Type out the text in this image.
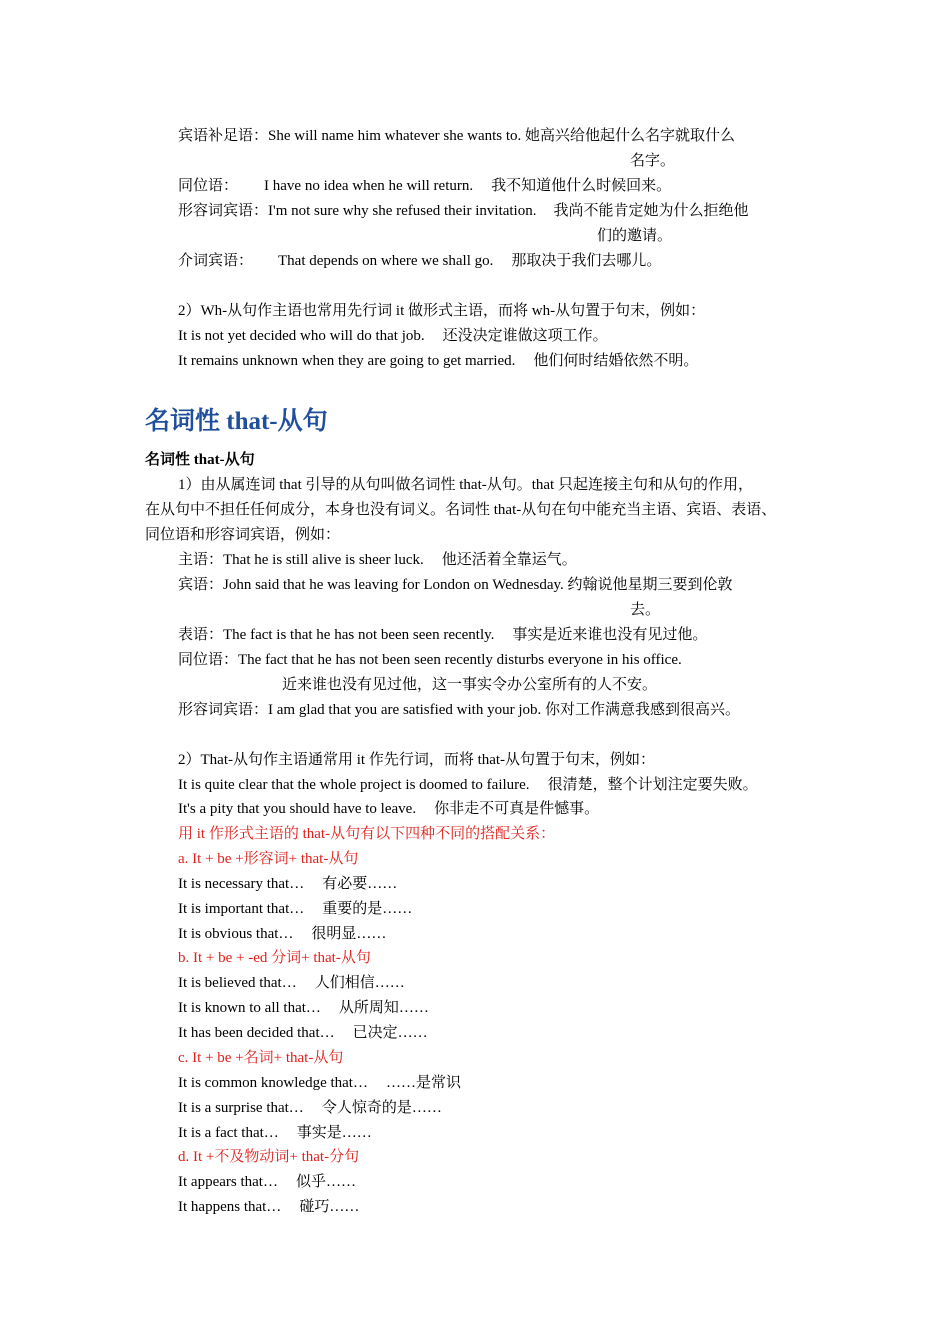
宾语补足语：She will name him whatever she wants to. 她高兴给他起什么名字就取什么
名字。
同位语： I have no idea when he will return. 我不知道他什么时候回来。
形容词宾语：I'm not sure why she refused their invitation. 我尚不能肯定她为什么拒绝他
们的邀请。
介词宾语： That depends on where we shall go. 那取决于我们去哪儿。
2）Wh-从句作主语也常用先行词 it 做形式主语，而将 wh-从句置于句末，例如：
It is not yet decided who will do that job. 还没决定谁做这项工作。
It remains unknown when they are going to get married. 他们何时结婚依然不明。
名词性 that-从句
名词性 that-从句
1）由从属连词 that 引导的从句叫做名词性 that-从句。that 只起连接主句和从句的作用，
在从句中不担任任何成分，本身也没有词义。名词性 that-从句在句中能充当主语、宾语、表语、
同位语和形容词宾语，例如：
主语：That he is still alive is sheer luck. 他还活着全靠运气。
宾语：John said that he was leaving for London on Wednesday. 约翰说他星期三要到伦敦
去。
表语：The fact is that he has not been seen recently. 事实是近来谁也没有见过他。
同位语：The fact that he has not been seen recently disturbs everyone in his office.
近来谁也没有见过他，这一事实令办公室所有的人不安。
形容词宾语：I am glad that you are satisfied with your job. 你对工作满意我感到很高兴。
2）That-从句作主语通常用 it 作先行词，而将 that-从句置于句末，例如：
It is quite clear that the whole project is doomed to failure. 很清楚，整个计划注定要失败。
It's a pity that you should have to leave. 你非走不可真是件憾事。
用 it 作形式主语的 that-从句有以下四种不同的搭配关系：
a. It + be +形容词+ that-从句
It is necessary that… 有必要……
It is important that… 重要的是……
It is obvious that… 很明显……
b. It + be + -ed 分词+ that-从句
It is believed that… 人们相信……
It is known to all that… 从所周知……
It has been decided that… 已决定……
c. It + be +名词+ that-从句
It is common knowledge that… ……是常识
It is a surprise that… 令人惊奇的是……
It is a fact that… 事实是……
d. It +不及物动词+ that-分句
It appears that… 似乎……
It happens that… 碰巧……
